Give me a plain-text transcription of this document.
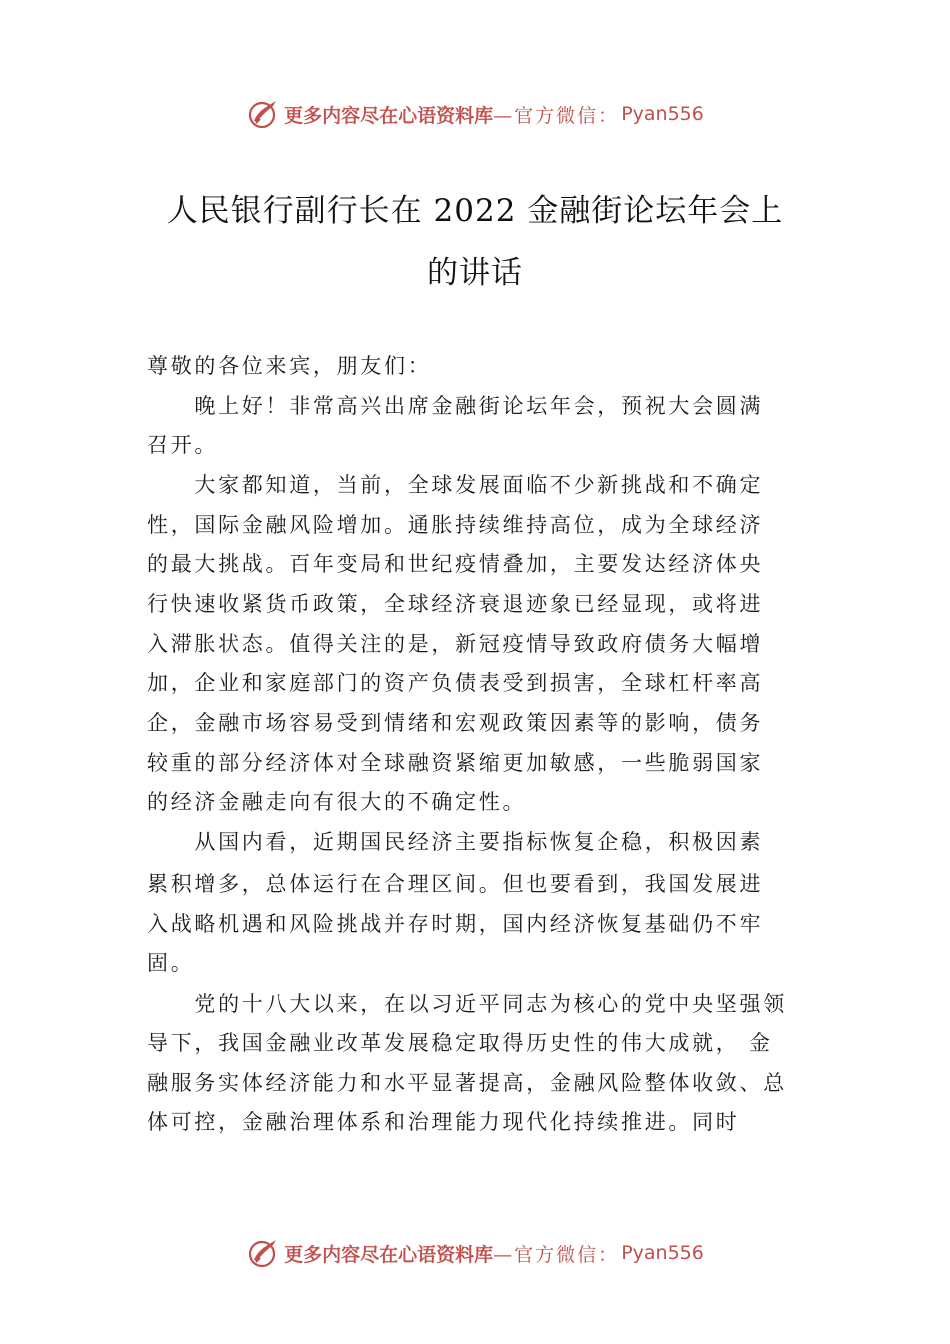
更多内容尽在心语资料库 —官方微信： Pyan556
人民银行副行长在 2022 金融街论坛年会上
的讲话
尊敬的各位来宾，朋友们：
　　晚上好！非常高兴出席金融街论坛年会，预祝大会圆满
召开。
　　大家都知道，当前，全球发展面临不少新挑战和不确定
性，国际金融风险增加。通胀持续维持高位，成为全球经济
的最大挑战。百年变局和世纪疫情叠加，主要发达经济体央
行快速收紧货币政策，全球经济衰退迹象已经显现，或将进
入滞胀状态。值得关注的是，新冠疫情导致政府债务大幅增
加，企业和家庭部门的资产负债表受到损害，全球杠杆率高
企，金融市场容易受到情绪和宏观政策因素等的影响，债务
较重的部分经济体对全球融资紧缩更加敏感，一些脆弱国家
的经济金融走向有很大的不确定性。
　　从国内看，近期国民经济主要指标恢复企稳，积极因素
累积增多，总体运行在合理区间。但也要看到，我国发展进
入战略机遇和风险挑战并存时期，国内经济恢复基础仍不牢
固。
　　党的十八大以来，在以习近平同志为核心的党中央坚强领
导下，我国金融业改革发展稳定取得历史性的伟大成就， 金
融服务实体经济能力和水平显著提高，金融风险整体收敛、总
体可控，金融治理体系和治理能力现代化持续推进。同时
更多内容尽在心语资料库 —官方微信： Pyan556
